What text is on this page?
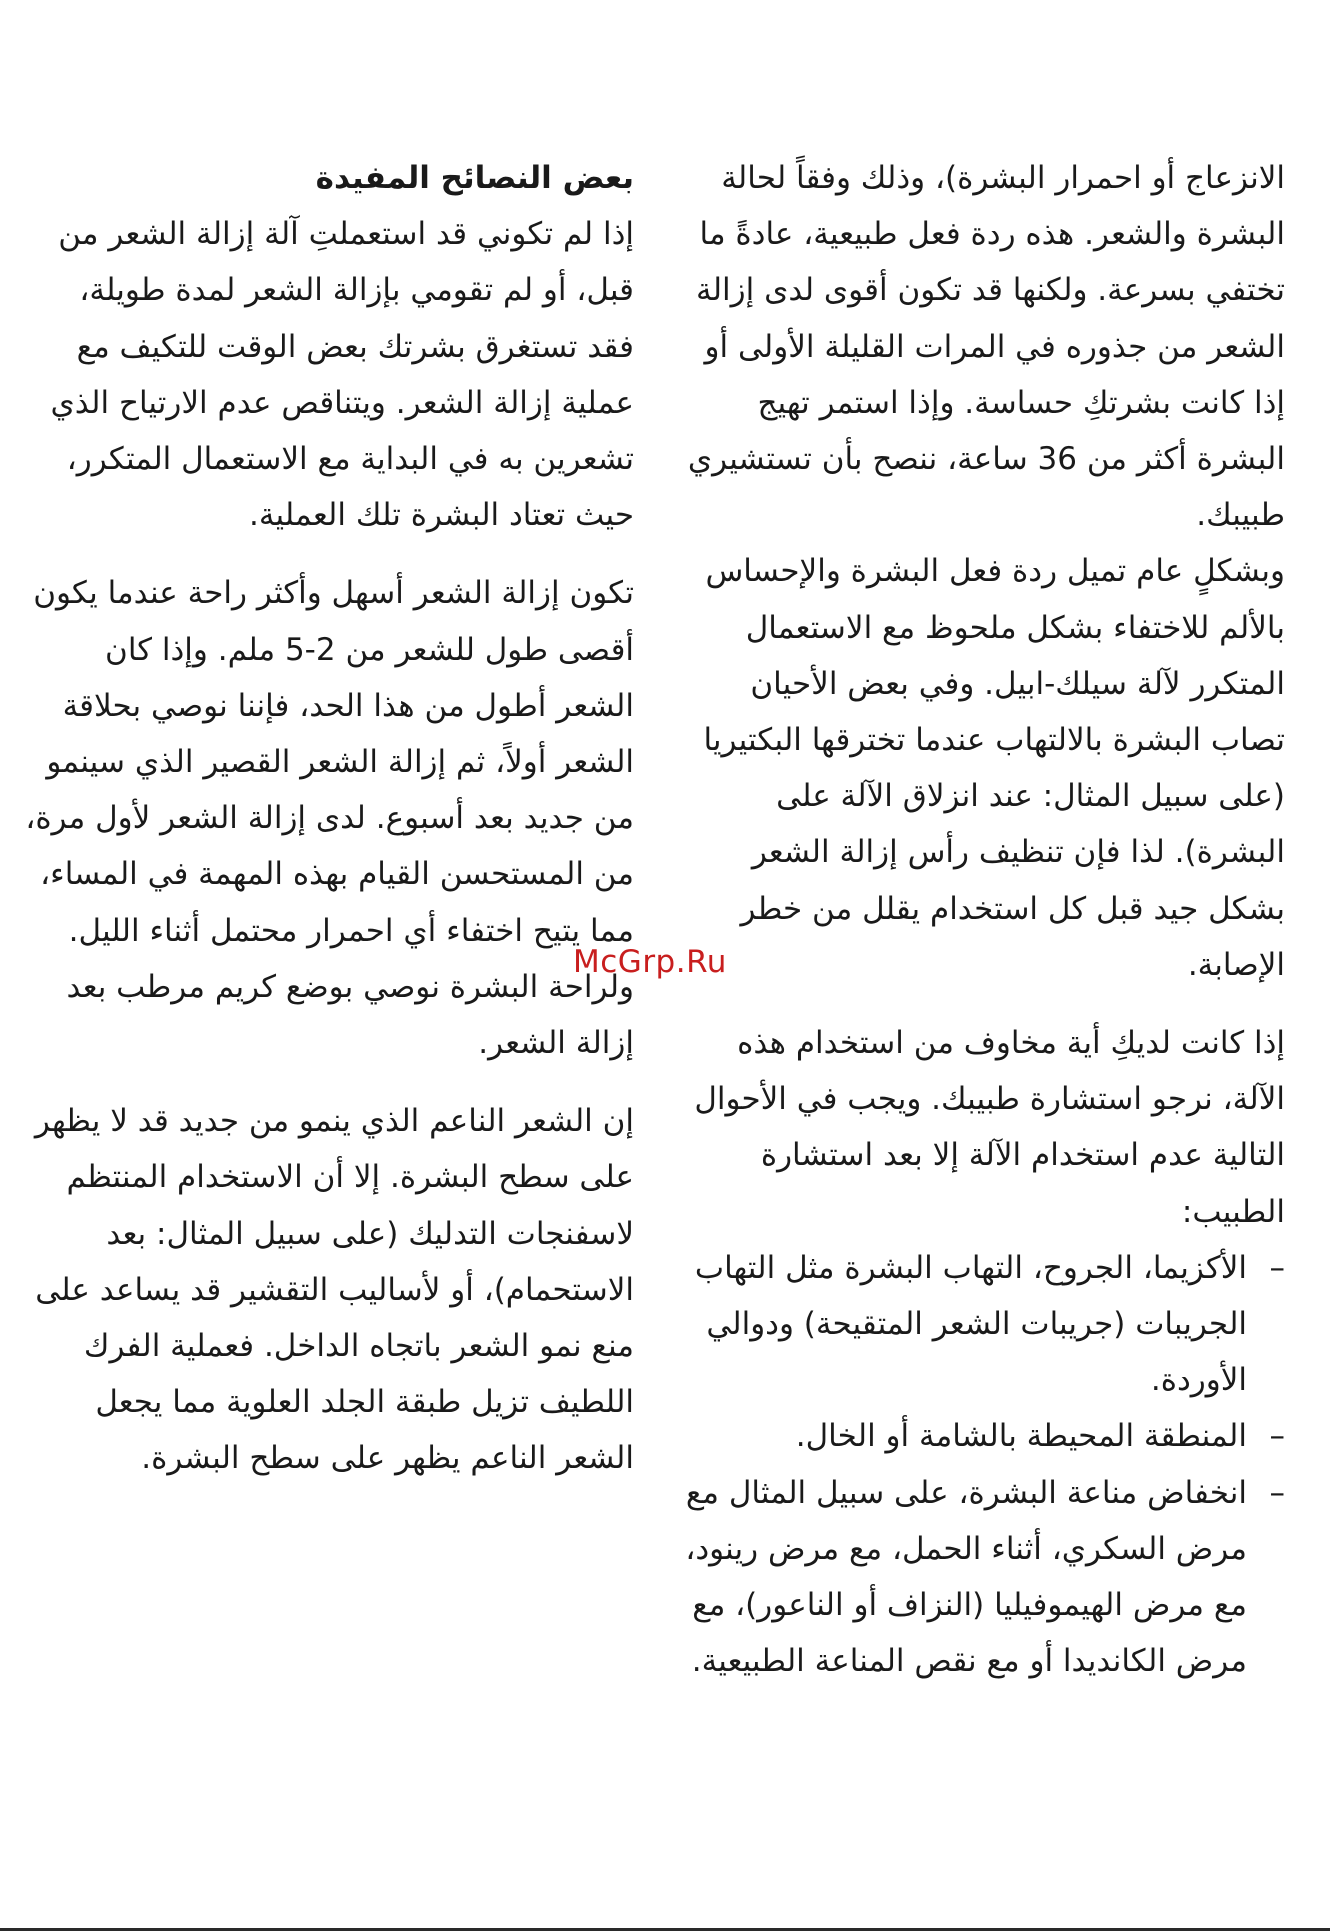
الانزعاج أو احمرار البشرة)، وذلك وفقاً لحالة البشرة والشعر. هذه ردة فعل طبيعية، عادةً ما تختفي بسرعة. ولكنها قد تكون أقوى لدى إزالة الشعر من جذوره في المرات القليلة الأولى أو إذا كانت بشرتكِ حساسة. وإذا استمر تهيج البشرة أكثر من 36 ساعة، ننصح بأن تستشيري طبيبك.

وبشكلٍ عام تميل ردة فعل البشرة والإحساس بالألم للاختفاء بشكل ملحوظ مع الاستعمال المتكرر لآلة سيلك-ابيل. وفي بعض الأحيان تصاب البشرة بالالتهاب عندما تخترقها البكتيريا (على سبيل المثال: عند انزلاق الآلة على البشرة). لذا فإن تنظيف رأس إزالة الشعر بشكل جيد قبل كل استخدام يقلل من خطر الإصابة.

إذا كانت لديكِ أية مخاوف من استخدام هذه الآلة، نرجو استشارة طبيبك. ويجب في الأحوال التالية عدم استخدام الآلة إلا بعد استشارة الطبيب:

–
الأكزيما، الجروح، التهاب البشرة مثل التهاب الجريبات (جريبات الشعر المتقيحة) ودوالي الأوردة.
–
المنطقة المحيطة بالشامة أو الخال.
–
انخفاض مناعة البشرة، على سبيل المثال مع مرض السكري، أثناء الحمل، مع مرض رينود، مع مرض الهيموفيليا (النزاف أو الناعور)، مع مرض الكانديدا أو مع نقص المناعة الطبيعية.

بعض النصائح المفيدة

إذا لم تكوني قد استعملتِ آلة إزالة الشعر من قبل، أو لم تقومي بإزالة الشعر لمدة طويلة، فقد تستغرق بشرتك بعض الوقت للتكيف مع عملية إزالة الشعر. ويتناقص عدم الارتياح الذي تشعرين به في البداية مع الاستعمال المتكرر، حيث تعتاد البشرة تلك العملية.

تكون إزالة الشعر أسهل وأكثر راحة عندما يكون أقصى طول للشعر من 2-5 ملم. وإذا كان الشعر أطول من هذا الحد، فإننا نوصي بحلاقة الشعر أولاً، ثم إزالة الشعر القصير الذي سينمو من جديد بعد أسبوع. لدى إزالة الشعر لأول مرة، من المستحسن القيام بهذه المهمة في المساء، مما يتيح اختفاء أي احمرار محتمل أثناء الليل. ولراحة البشرة نوصي بوضع كريم مرطب بعد إزالة الشعر.

إن الشعر الناعم الذي ينمو من جديد قد لا يظهر على سطح البشرة. إلا أن الاستخدام المنتظم لاسفنجات التدليك (على سبيل المثال: بعد الاستحمام)، أو لأساليب التقشير قد يساعد على منع نمو الشعر باتجاه الداخل. فعملية الفرك اللطيف تزيل طبقة الجلد العلوية مما يجعل الشعر الناعم يظهر على سطح البشرة.

McGrp.Ru
